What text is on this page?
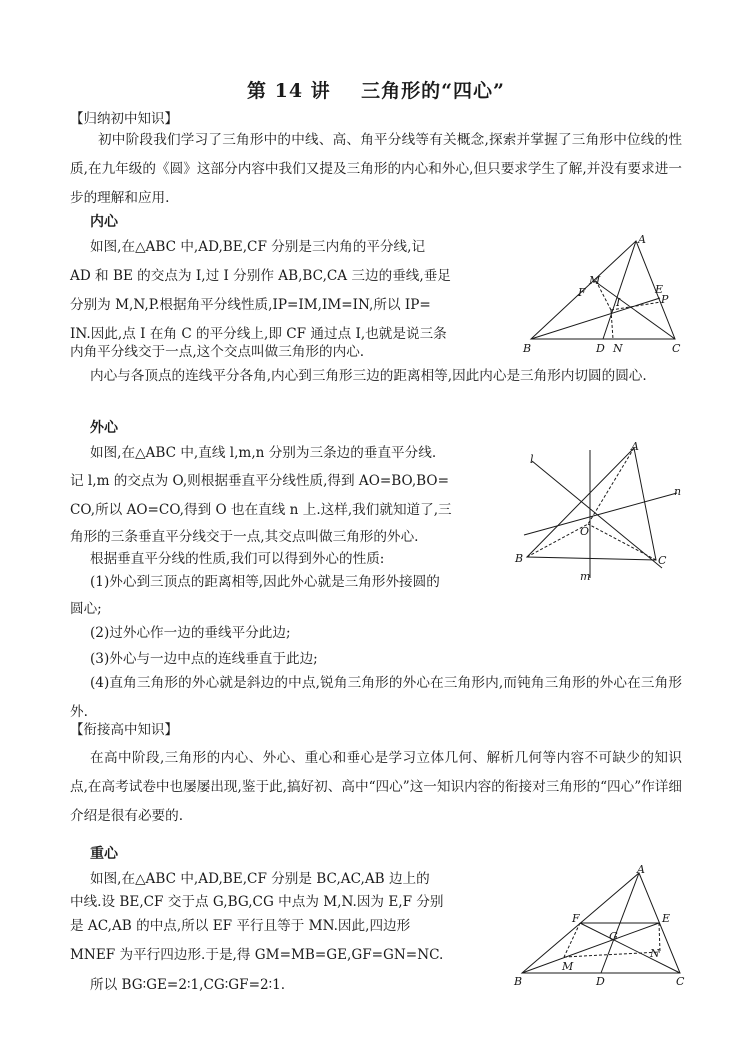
第 14 讲    三角形的“四心”
【归纳初中知识】
初中阶段我们学习了三角形中的中线、高、角平分线等有关概念,探索并掌握了三角形中位线的性质,在九年级的《圆》这部分内容中我们又提及三角形的内心和外心,但只要求学生了解,并没有要求进一步的理解和应用.
内心
如图,在△ABC 中,AD,BE,CF 分别是三内角的平分线,记
AD 和 BE 的交点为 I,过 I 分别作 AB,BC,CA 三边的垂线,垂足
分别为 M,N,P.根据角平分线性质,IP=IM,IM=IN,所以 IP=
IN.因此,点 I 在角 C 的平分线上,即 CF 通过点 I,也就是说三条
内角平分线交于一点,这个交点叫做三角形的内心.
内心与各顶点的连线平分各角,内心到三角形三边的距离相等,因此内心是三角形内切圆的圆心.
A
M
F	E
P
I
B	D N	C
外心
如图,在△ABC 中,直线 l,m,n 分别为三条边的垂直平分线.
记 l,m 的交点为 O,则根据垂直平分线性质,得到 AO=BO,BO=
CO,所以 AO=CO,得到 O 也在直线 n 上.这样,我们就知道了,三
角形的三条垂直平分线交于一点,其交点叫做三角形的外心.
根据垂直平分线的性质,我们可以得到外心的性质:
(1)外心到三顶点的距离相等,因此外心就是三角形外接圆的
圆心;
(2)过外心作一边的垂线平分此边;
(3)外心与一边中点的连线垂直于此边;
(4)直角三角形的外心就是斜边的中点,锐角三角形的外心在三角形内,而钝角三角形的外心在三角形外.
l
A
n
O
B	C
m
【衔接高中知识】
在高中阶段,三角形的内心、外心、重心和垂心是学习立体几何、解析几何等内容不可缺少的知识点,在高考试卷中也屡屡出现,鉴于此,搞好初、高中“四心”这一知识内容的衔接对三角形的“四心”作详细介绍是很有必要的.
重心
如图,在△ABC 中,AD,BE,CF 分别是 BC,AC,AB 边上的
中线.设 BE,CF 交于点 G,BG,CG 中点为 M,N.因为 E,F 分别
是 AC,AB 的中点,所以 EF 平行且等于 MN.因此,四边形
MNEF 为平行四边形.于是,得 GM=MB=GE,GF=GN=NC.
所以 BG∶GE=2∶1,CG∶GF=2∶1.
A
F	E
G
M
N
B	D	C
